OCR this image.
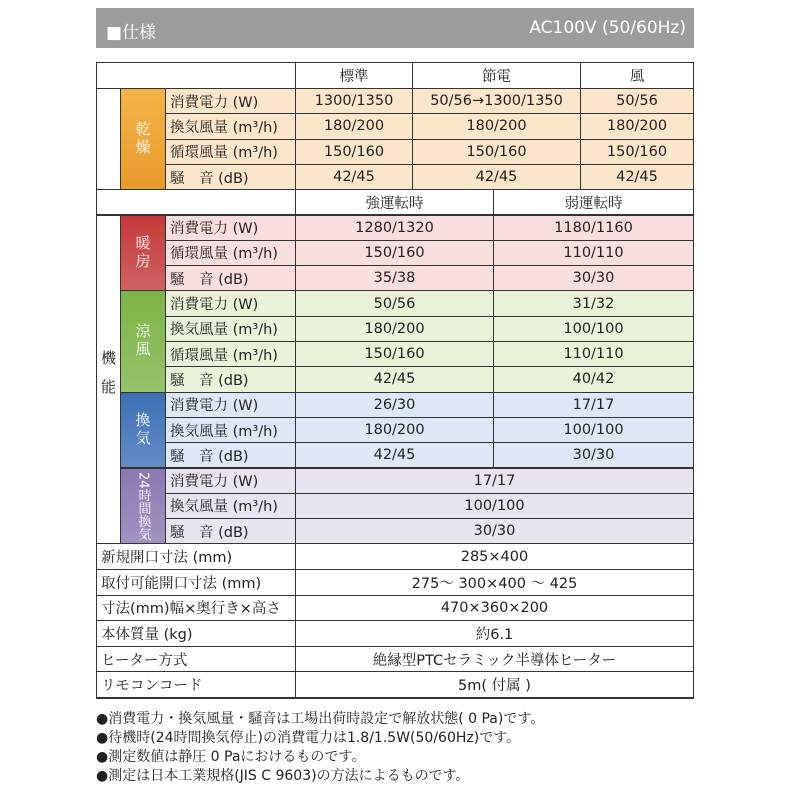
■仕様	AC100V (50/60Hz)
標準	節電	風
乾燥
消費電力 (W)	1300/1350	50/56→1300/1350	50/56
換気風量 (m³/h)	180/200	180/200	180/200
循環風量 (m³/h)	150/160	150/160	150/160
騒　音 (dB)	42/45	42/45	42/45
強運転時	弱運転時
暖房
消費電力 (W)	1280/1320	1180/1160
循環風量 (m³/h)	150/160	110/110
騒　音 (dB)	35/38	30/30
涼風
消費電力 (W)	50/56	31/32
換気風量 (m³/h)	180/200	100/100
循環風量 (m³/h)	150/160	110/110
騒　音 (dB)	42/45	40/42
換気
消費電力 (W)	26/30	17/17
換気風量 (m³/h)	180/200	100/100
騒　音 (dB)	42/45	30/30
24時間換気	消費電力 (W)	17/17
換気風量 (m³/h)	100/100
騒　音 (dB)	30/30
機能
新規開口寸法 (mm)	285×400
取付可能開口寸法 (mm)	275～ 300×400 ～ 425
寸法(mm)幅×奥行き×高さ	470×360×200
本体質量 (kg)	約6.1
ヒーター方式	絶縁型PTCセラミック半導体ヒーター
リモコンコード	5m( 付属 )
●消費電力・換気風量・騒音は工場出荷時設定で解放状態( 0 Pa)です。
●待機時(24時間換気停止)の消費電力は1.8/1.5W(50/60Hz)です。
●測定数値は静圧 0 Paにおけるものです。
●測定は日本工業規格(JIS C 9603)の方法によるものです。
